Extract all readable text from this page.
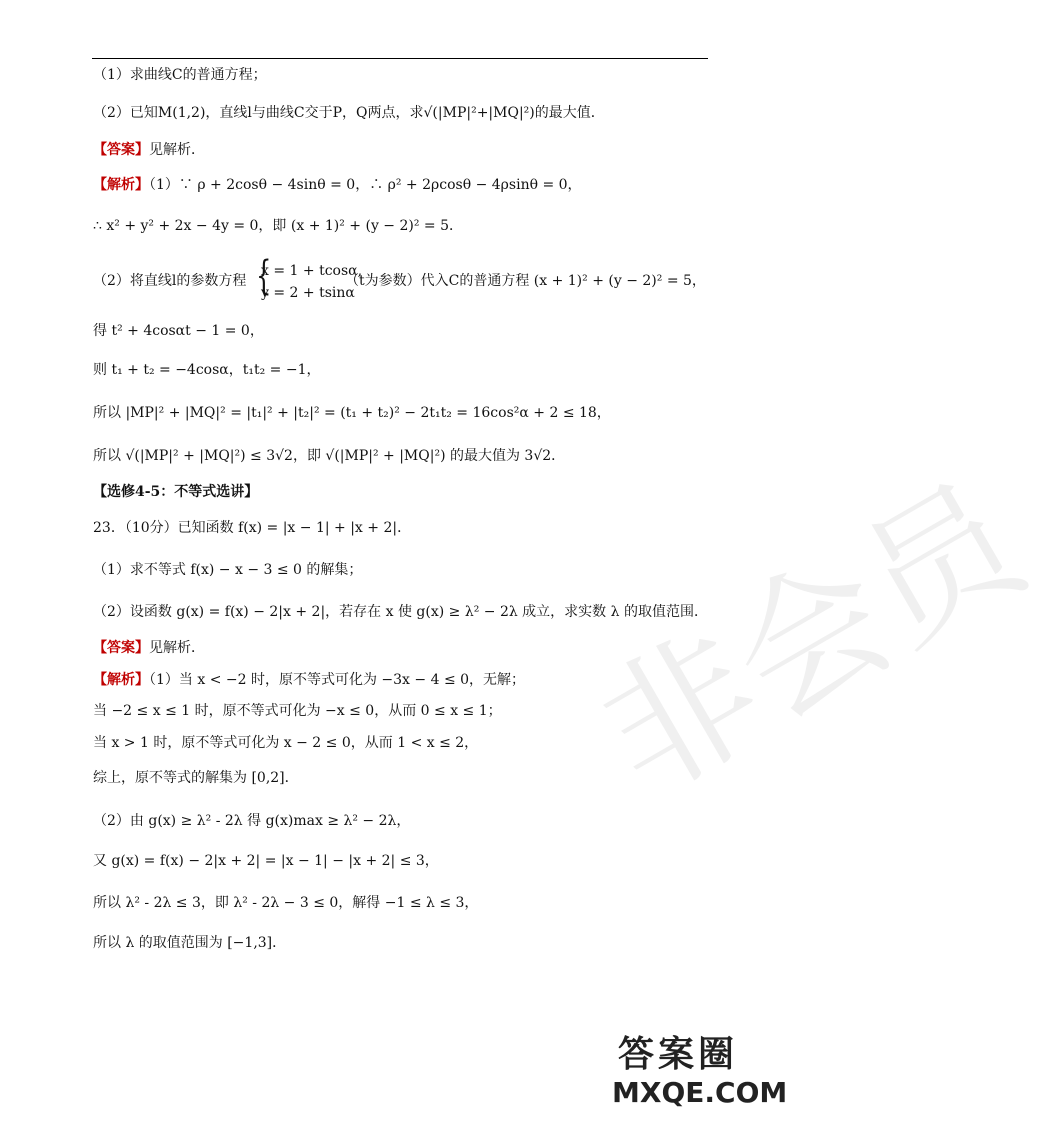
（1）求曲线C的普通方程；
（2）已知M(1,2)，直线l与曲线C交于P，Q两点，求√(|MP|²+|MQ|²)的最大值．
【答案】见解析．
【解析】（1）∵ ρ + 2cosθ − 4sinθ = 0，∴ ρ² + 2ρcosθ − 4ρsinθ = 0，
∴ x² + y² + 2x − 4y = 0，即 (x + 1)² + (y − 2)² = 5．
（2）将直线l的参数方程 {
x = 1 + tcosα,
y = 2 + tsinα
（t为参数）代入C的普通方程 (x + 1)² + (y − 2)² = 5，
得 t² + 4cosαt − 1 = 0，
则 t₁ + t₂ = −4cosα，t₁t₂ = −1，
所以 |MP|² + |MQ|² = |t₁|² + |t₂|² = (t₁ + t₂)² − 2t₁t₂ = 16cos²α + 2 ≤ 18，
所以 √(|MP|² + |MQ|²) ≤ 3√2，即 √(|MP|² + |MQ|²) 的最大值为 3√2．
【选修4-5：不等式选讲】
23．（10分）已知函数 f(x) = |x − 1| + |x + 2|．
（1）求不等式 f(x) − x − 3 ≤ 0 的解集；
（2）设函数 g(x) = f(x) − 2|x + 2|，若存在 x 使 g(x) ≥ λ² − 2λ 成立，求实数 λ 的取值范围．
【答案】见解析．
【解析】（1）当 x < −2 时，原不等式可化为 −3x − 4 ≤ 0，无解；
当 −2 ≤ x ≤ 1 时，原不等式可化为 −x ≤ 0，从而 0 ≤ x ≤ 1；
当 x > 1 时，原不等式可化为 x − 2 ≤ 0，从而 1 < x ≤ 2，
综上，原不等式的解集为 [0,2]．
（2）由 g(x) ≥ λ² - 2λ 得 g(x)max ≥ λ² − 2λ，
又 g(x) = f(x) − 2|x + 2| = |x − 1| − |x + 2| ≤ 3，
所以 λ² - 2λ ≤ 3，即 λ² - 2λ − 3 ≤ 0，解得 −1 ≤ λ ≤ 3，
所以 λ 的取值范围为 [−1,3]．
非会员
答案圈
MXQE.COM
